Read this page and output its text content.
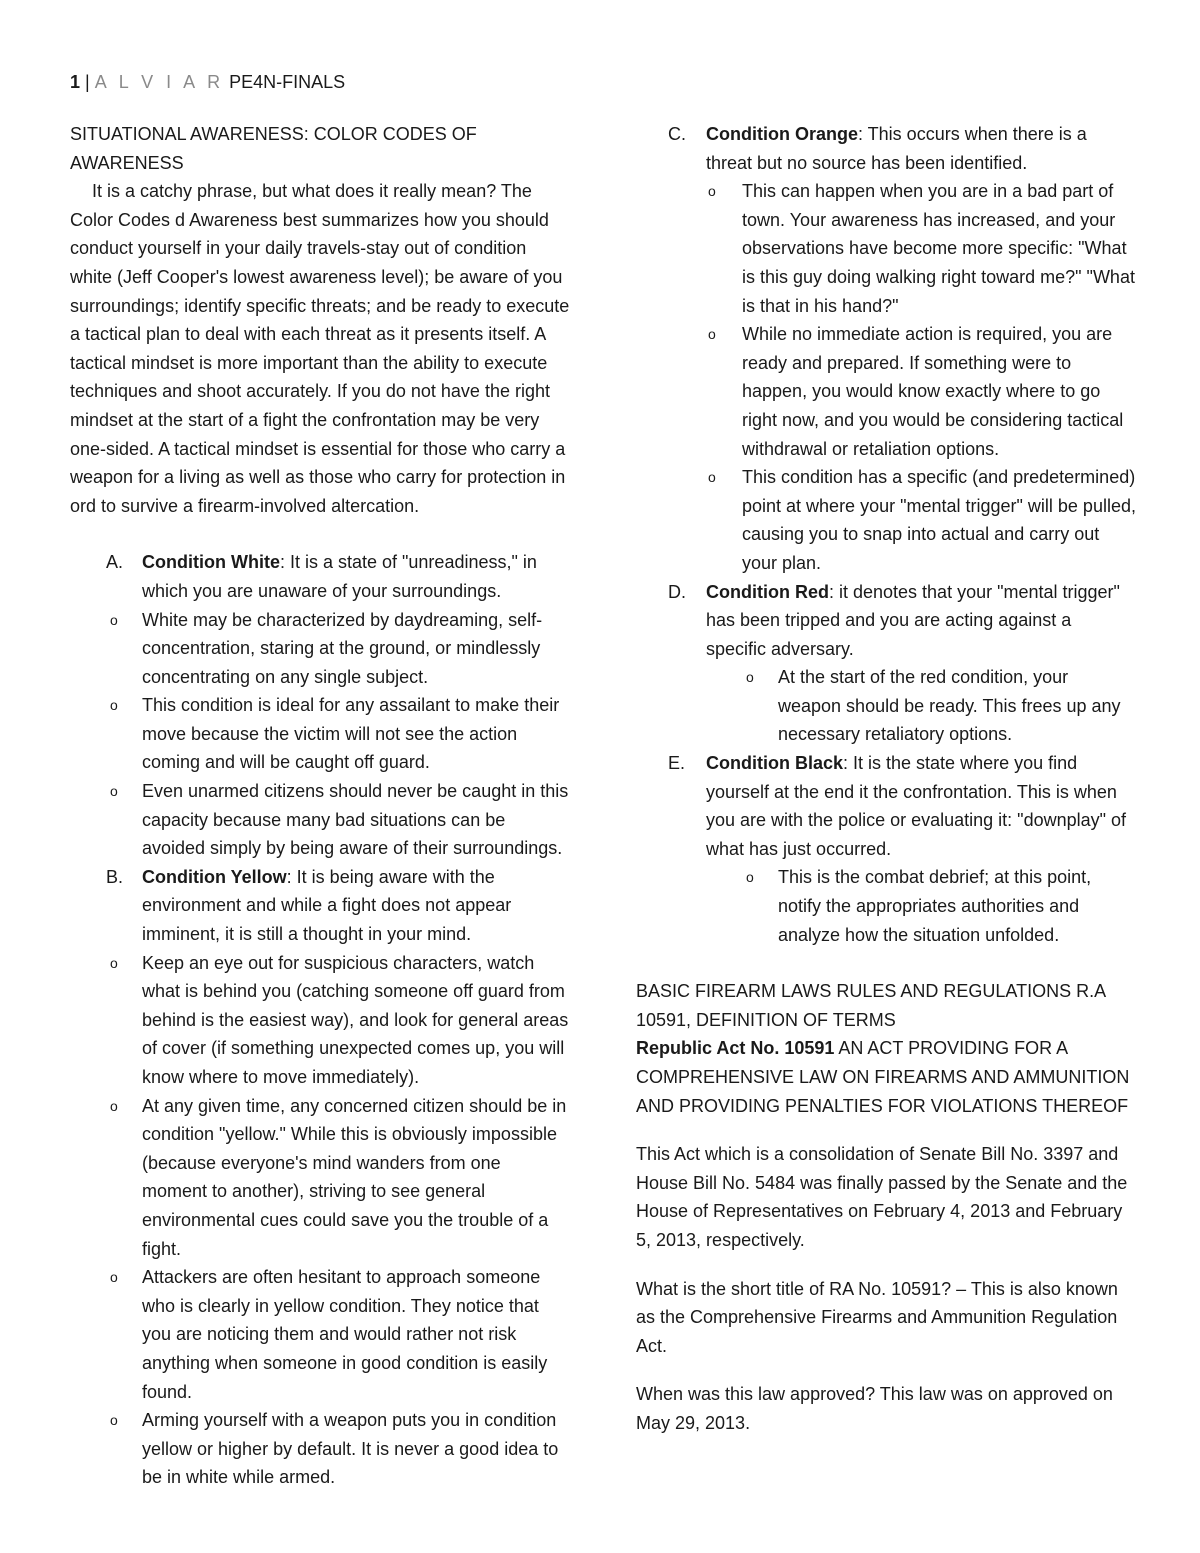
1 | A L V I A R PE4N-FINALS

SITUATIONAL AWARENESS: COLOR CODES OF AWARENESS

It is a catchy phrase, but what does it really mean? The Color Codes d Awareness best summarizes how you should conduct yourself in your daily travels-stay out of condition white (Jeff Cooper's lowest awareness level); be aware of you surroundings; identify specific threats; and be ready to execute a tactical plan to deal with each threat as it presents itself. A tactical mindset is more important than the ability to execute techniques and shoot accurately. If you do not have the right mindset at the start of a fight the confrontation may be very one-sided. A tactical mindset is essential for those who carry a weapon for a living as well as those who carry for protection in ord to survive a firearm-involved altercation.

A. Condition White: It is a state of "unreadiness," in which you are unaware of your surroundings.
o White may be characterized by daydreaming, self-concentration, staring at the ground, or mindlessly concentrating on any single subject.
o This condition is ideal for any assailant to make their move because the victim will not see the action coming and will be caught off guard.
o Even unarmed citizens should never be caught in this capacity because many bad situations can be avoided simply by being aware of their surroundings.
B. Condition Yellow: It is being aware with the environment and while a fight does not appear imminent, it is still a thought in your mind.
o Keep an eye out for suspicious characters, watch what is behind you (catching someone off guard from behind is the easiest way), and look for general areas of cover (if something unexpected comes up, you will know where to move immediately).
o At any given time, any concerned citizen should be in condition "yellow." While this is obviously impossible (because everyone's mind wanders from one moment to another), striving to see general environmental cues could save you the trouble of a fight.
o Attackers are often hesitant to approach someone who is clearly in yellow condition. They notice that you are noticing them and would rather not risk anything when someone in good condition is easily found.
o Arming yourself with a weapon puts you in condition yellow or higher by default. It is never a good idea to be in white while armed.
C. Condition Orange: This occurs when there is a threat but no source has been identified.
o This can happen when you are in a bad part of town. Your awareness has increased, and your observations have become more specific: "What is this guy doing walking right toward me?" "What is that in his hand?"
o While no immediate action is required, you are ready and prepared. If something were to happen, you would know exactly where to go right now, and you would be considering tactical withdrawal or retaliation options.
o This condition has a specific (and predetermined) point at where your "mental trigger" will be pulled, causing you to snap into actual and carry out your plan.
D. Condition Red: it denotes that your "mental trigger" has been tripped and you are acting against a specific adversary.
o At the start of the red condition, your weapon should be ready. This frees up any necessary retaliatory options.
E. Condition Black: It is the state where you find yourself at the end it the confrontation. This is when you are with the police or evaluating it: "downplay" of what has just occurred.
o This is the combat debrief; at this point, notify the appropriates authorities and analyze how the situation unfolded.

BASIC FIREARM LAWS RULES AND REGULATIONS R.A 10591, DEFINITION OF TERMS

Republic Act No. 10591 AN ACT PROVIDING FOR A COMPREHENSIVE LAW ON FIREARMS AND AMMUNITION AND PROVIDING PENALTIES FOR VIOLATIONS THEREOF

This Act which is a consolidation of Senate Bill No. 3397 and House Bill No. 5484 was finally passed by the Senate and the House of Representatives on February 4, 2013 and February 5, 2013, respectively.

What is the short title of RA No. 10591? – This is also known as the Comprehensive Firearms and Ammunition Regulation Act.

When was this law approved? This law was on approved on May 29, 2013.
